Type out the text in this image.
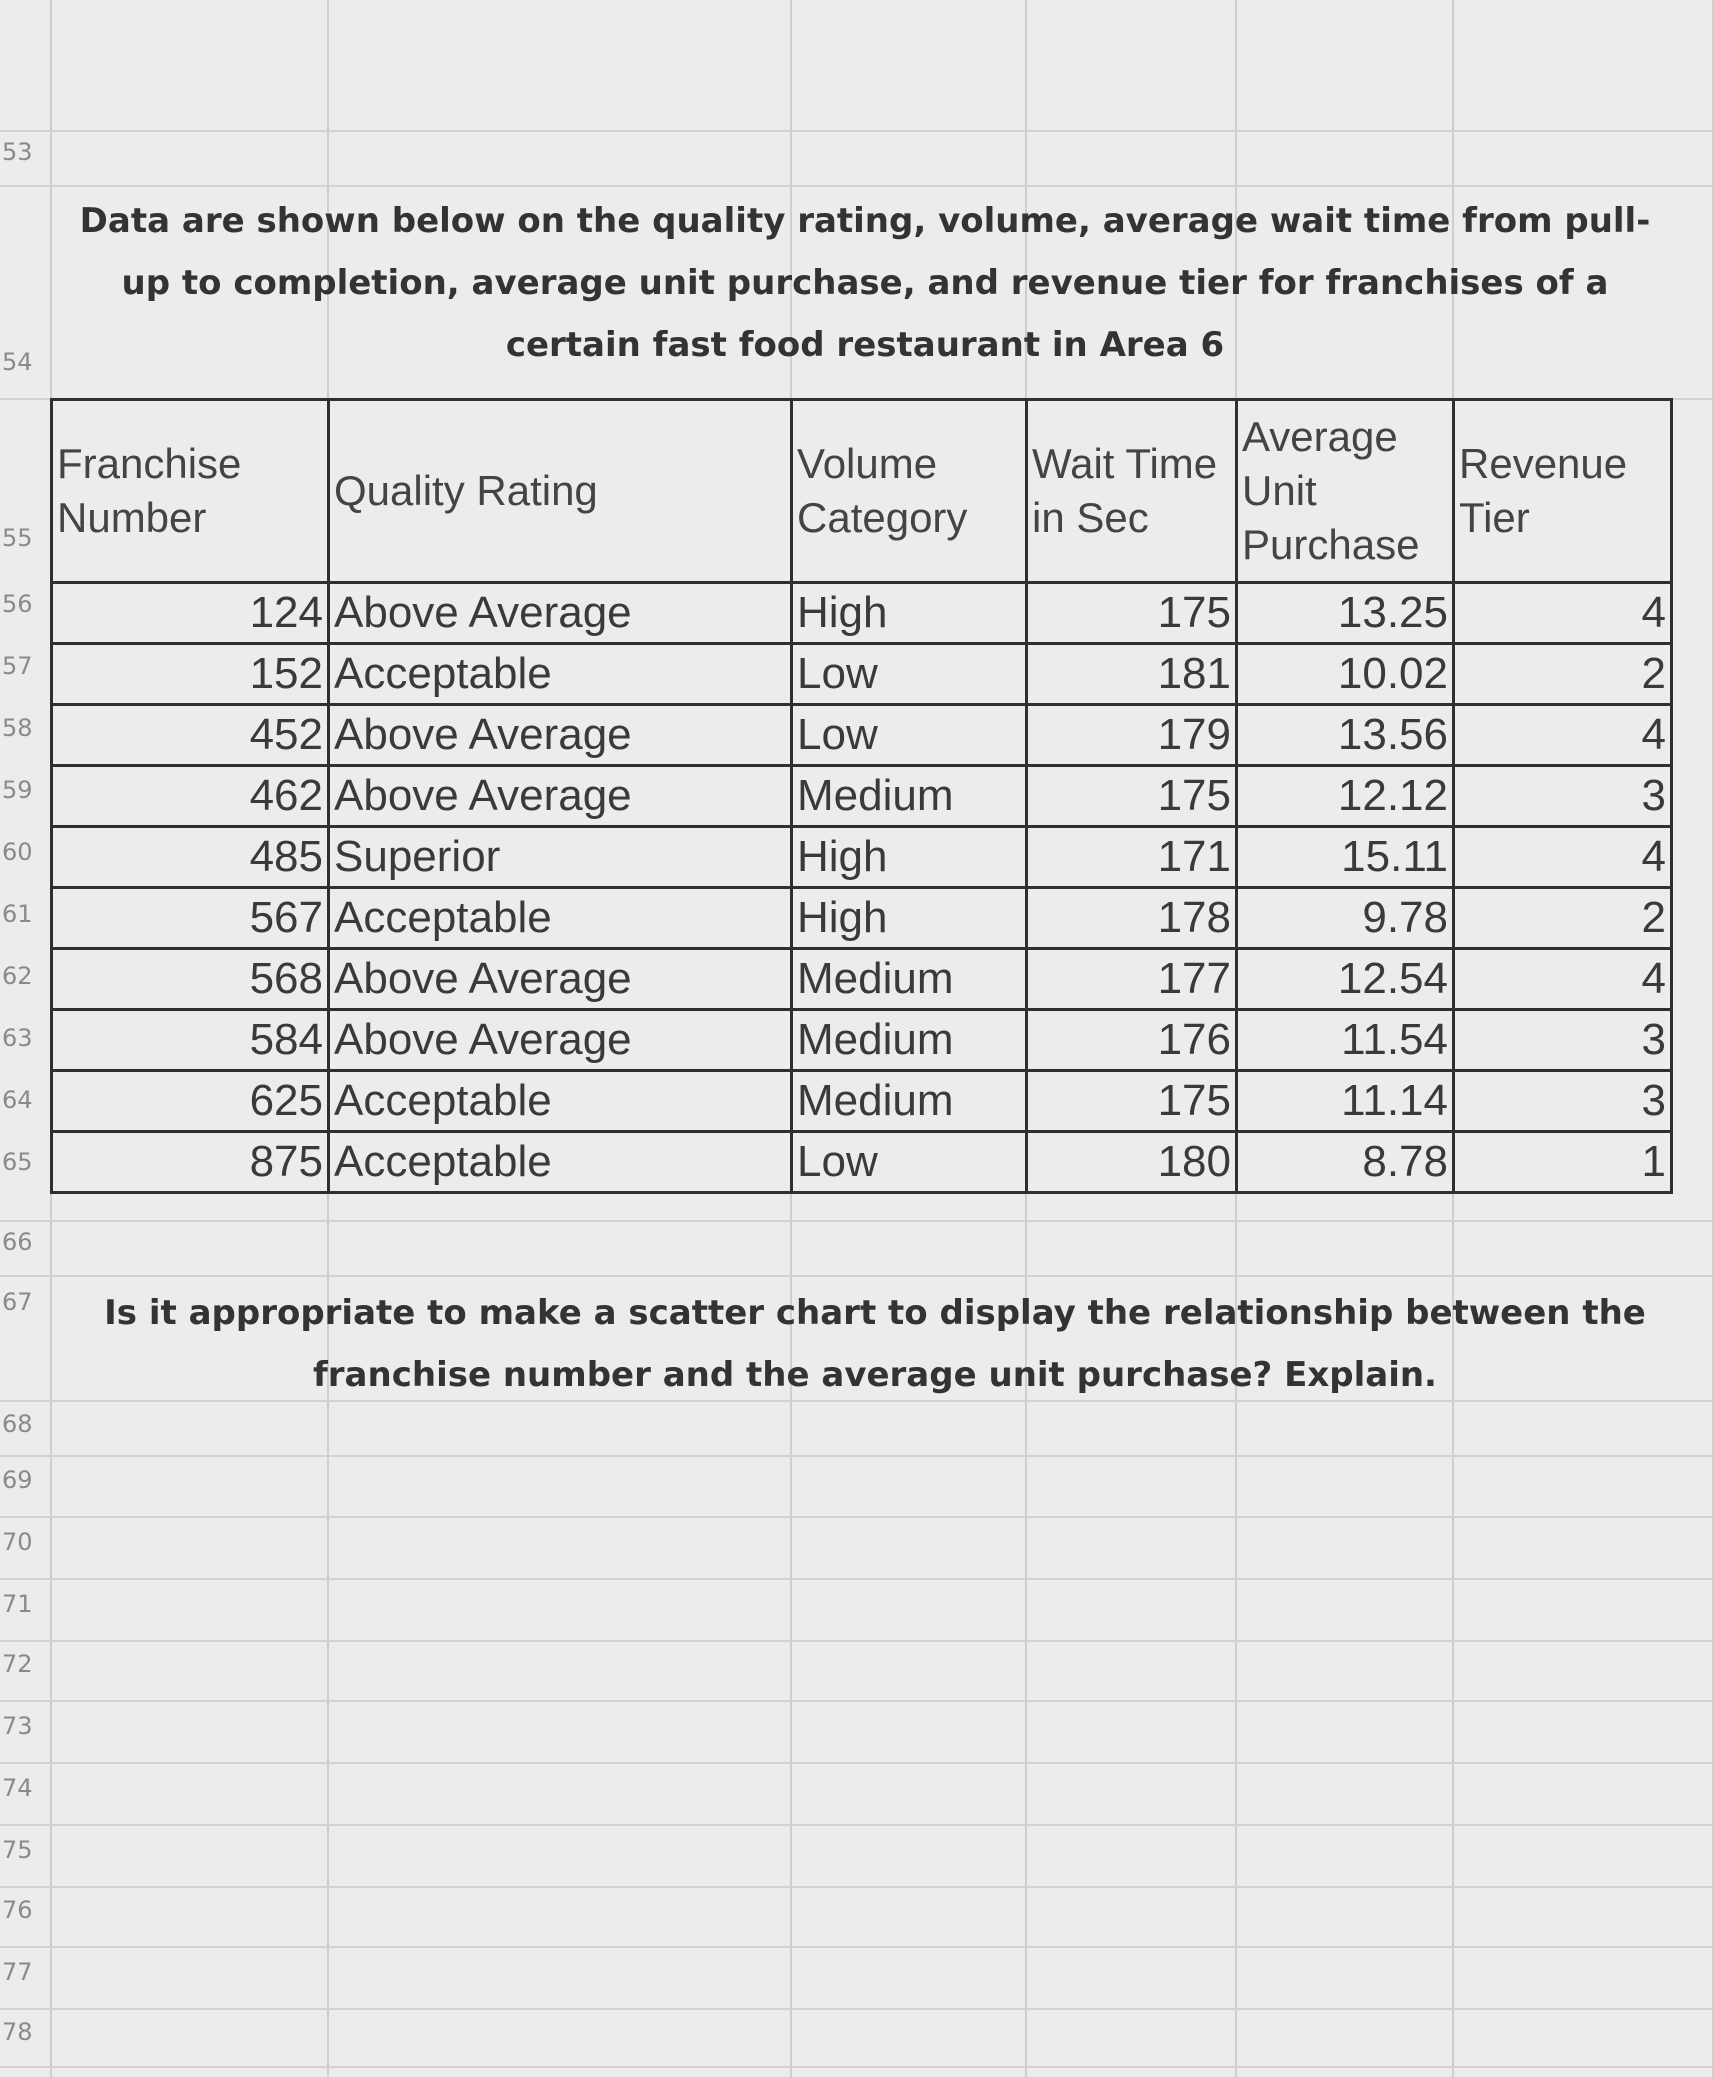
53
54
55
56
57
58
59
60
61
62
63
64
65
66
67
68
69
70
71
72
73
74
75
76
77
78
Data are shown below on the quality rating, volume, average wait time from pull-up to completion, average unit purchase, and revenue tier for franchises of a certain fast food restaurant in Area 6
Franchise Number	Quality Rating	Volume Category	Wait Time in Sec	Average Unit Purchase	Revenue Tier
124	Above Average	High	175	13.25	4
152	Acceptable	Low	181	10.02	2
452	Above Average	Low	179	13.56	4
462	Above Average	Medium	175	12.12	3
485	Superior	High	171	15.11	4
567	Acceptable	High	178	9.78	2
568	Above Average	Medium	177	12.54	4
584	Above Average	Medium	176	11.54	3
625	Acceptable	Medium	175	11.14	3
875	Acceptable	Low	180	8.78	1
Is it appropriate to make a scatter chart to display the relationship between the franchise number and the average unit purchase? Explain.
